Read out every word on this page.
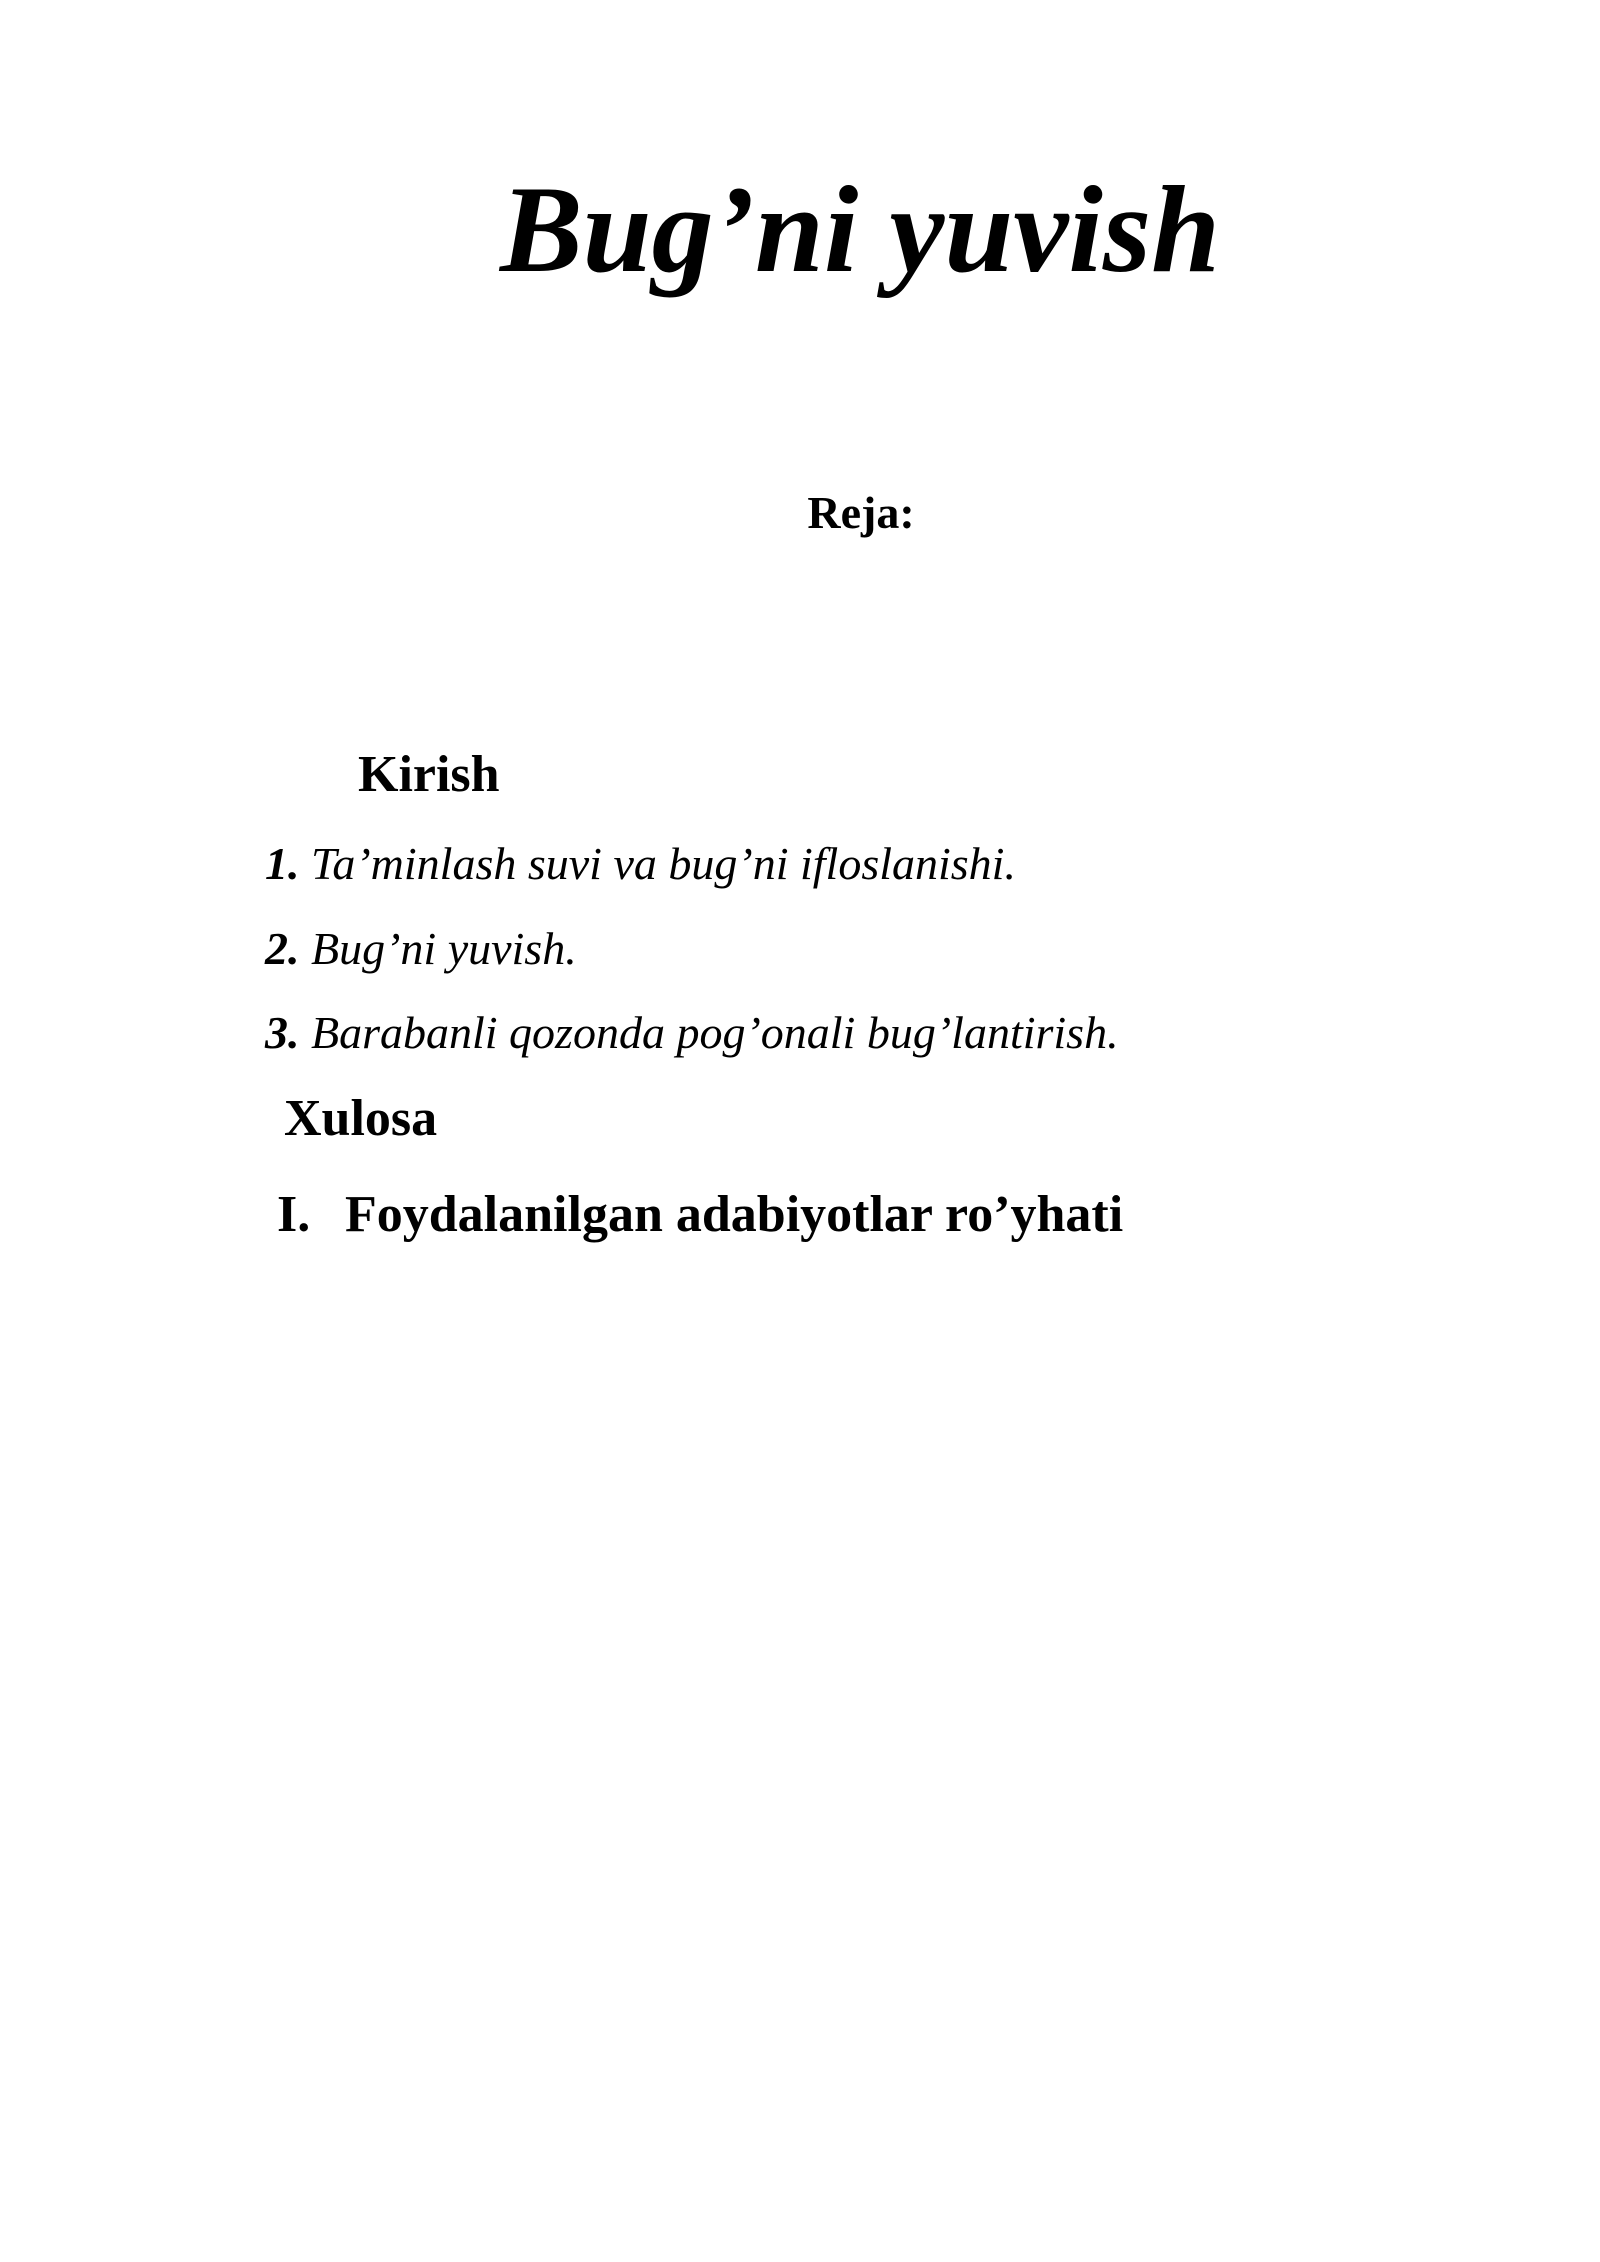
Bug’ni yuvish
Reja:
Kirish
1. Ta’minlash suvi va bug’ni ifloslanishi.
2. Bug’ni yuvish.
3. Barabanli qozonda pog’onali bug’lantirish.
Xulosa
I. Foydalanilgan adabiyotlar ro’yhati
